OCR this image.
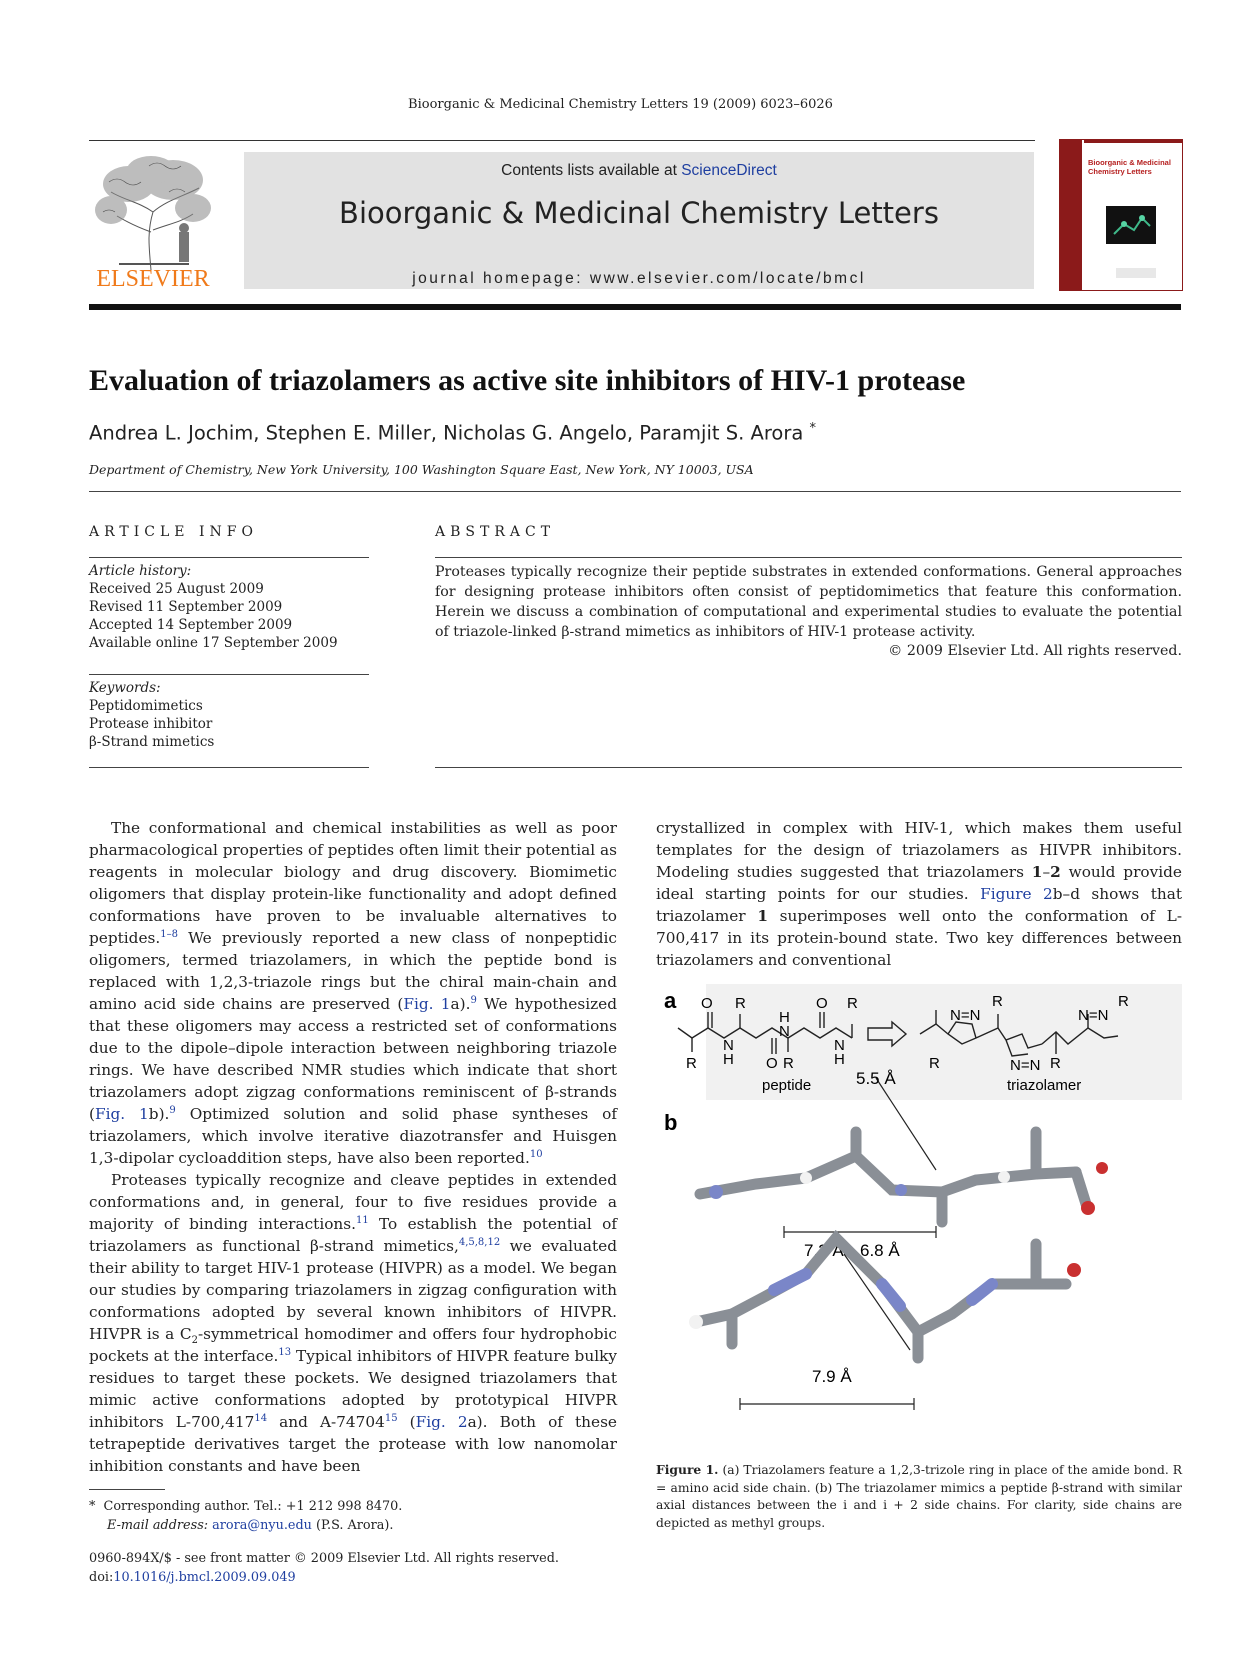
Bioorganic & Medicinal Chemistry Letters 19 (2009) 6023–6026
ELSEVIER
Contents lists available at ScienceDirect
Bioorganic & Medicinal Chemistry Letters
journal homepage: www.elsevier.com/locate/bmcl
Bioorganic & Medicinal Chemistry Letters
Evaluation of triazolamers as active site inhibitors of HIV-1 protease
Andrea L. Jochim, Stephen E. Miller, Nicholas G. Angelo, Paramjit S. Arora *
Department of Chemistry, New York University, 100 Washington Square East, New York, NY 10003, USA
ARTICLE INFO
Article history:
Received 25 August 2009
Revised 11 September 2009
Accepted 14 September 2009
Available online 17 September 2009
Keywords:
Peptidomimetics
Protease inhibitor
β-Strand mimetics
ABSTRACT
Proteases typically recognize their peptide substrates in extended conformations. General approaches for designing protease inhibitors often consist of peptidomimetics that feature this conformation. Herein we discuss a combination of computational and experimental studies to evaluate the potential of triazole-linked β-strand mimetics as inhibitors of HIV-1 protease activity.
© 2009 Elsevier Ltd. All rights reserved.

The conformational and chemical instabilities as well as poor pharmacological properties of peptides often limit their potential as reagents in molecular biology and drug discovery. Biomimetic oligomers that display protein-like functionality and adopt defined conformations have proven to be invaluable alternatives to peptides.$^{1-8}$ We previously reported a new class of nonpeptidic oligomers, termed triazolamers, in which the peptide bond is replaced with 1,2,3-triazole rings but the chiral main-chain and amino acid side chains are preserved (Fig. 1a).$^9$ We hypothesized that these oligomers may access a restricted set of conformations due to the dipole–dipole interaction between neighboring triazole rings. We have described NMR studies which indicate that short triazolamers adopt zigzag conformations reminiscent of β-strands (Fig. 1b).$^9$ Optimized solution and solid phase syntheses of triazolamers, which involve iterative diazotransfer and Huisgen 1,3-dipolar cycloaddition steps, have also been reported.$^{10}$

Proteases typically recognize and cleave peptides in extended conformations and, in general, four to five residues provide a majority of binding interactions.$^{11}$ To establish the potential of triazolamers as functional β-strand mimetics,$^{4,5,8,12}$ we evaluated their ability to target HIV-1 protease (HIVPR) as a model. We began our studies by comparing triazolamers in zigzag configuration with conformations adopted by several known inhibitors of HIVPR. HIVPR is a $C_2$-symmetrical homodimer and offers four hydrophobic pockets at the interface.$^{13}$ Typical inhibitors of HIVPR feature bulky residues to target these pockets. We designed triazolamers that mimic active conformations adopted by prototypical HIVPR inhibitors L-700,417$^{14}$ and A-74704$^{15}$ (Fig. 2a). Both of these tetrapeptide derivatives target the protease with low nanomolar inhibition constants and have been

crystallized in complex with HIV-1, which makes them useful templates for the design of triazolamers as HIVPR inhibitors. Modeling studies suggested that triazolamers 1–2 would provide ideal starting points for our studies. Figure 2b–d shows that triazolamer 1 superimposes well onto the conformation of L-700,417 in its protein-bound state. Two key differences between triazolamers and conventional

a O R
H
N
O R
N
H O
R	R
N
H
peptide
N=N
R
N=N
N=N
R
R	R
triazolamer
b
5.5 Å
7.2 Å 6.8 Å
7.9 Å
Figure 1. (a) Triazolamers feature a 1,2,3-trizole ring in place of the amide bond. R = amino acid side chain. (b) The triazolamer mimics a peptide β-strand with similar axial distances between the i and i + 2 side chains. For clarity, side chains are depicted as methyl groups.
* Corresponding author. Tel.: +1 212 998 8470.
E-mail address: arora@nyu.edu (P.S. Arora).
0960-894X/$ - see front matter © 2009 Elsevier Ltd. All rights reserved.
doi:10.1016/j.bmcl.2009.09.049
